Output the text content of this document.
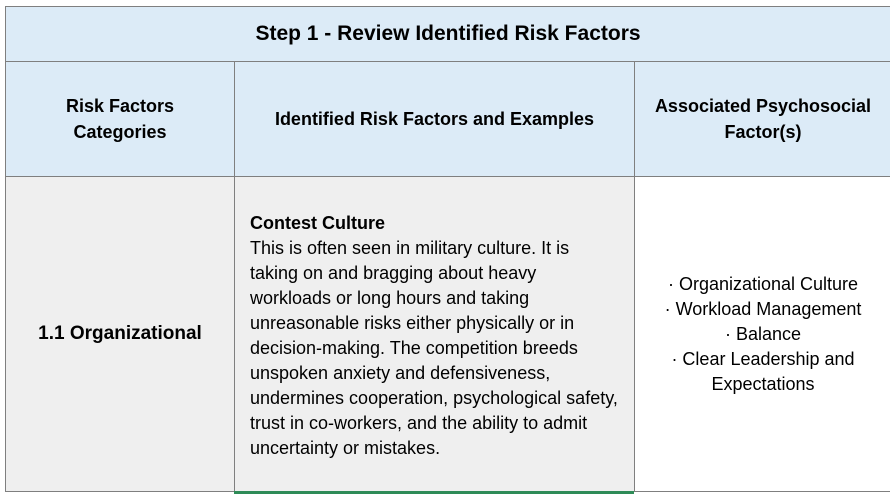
Step 1 - Review Identified Risk Factors
Risk Factors
Categories
Identified Risk Factors and Examples
Associated Psychosocial
Factor(s)
1.1 Organizational
Contest Culture
This is often seen in military culture. It is taking on and bragging about heavy workloads or long hours and taking unreasonable risks either physically or in decision-making. The competition breeds unspoken anxiety and defensiveness, undermines cooperation, psychological safety, trust in co-workers, and the ability to admit uncertainty or mistakes.
· Organizational Culture
· Workload Management
· Balance
· Clear Leadership and Expectations
